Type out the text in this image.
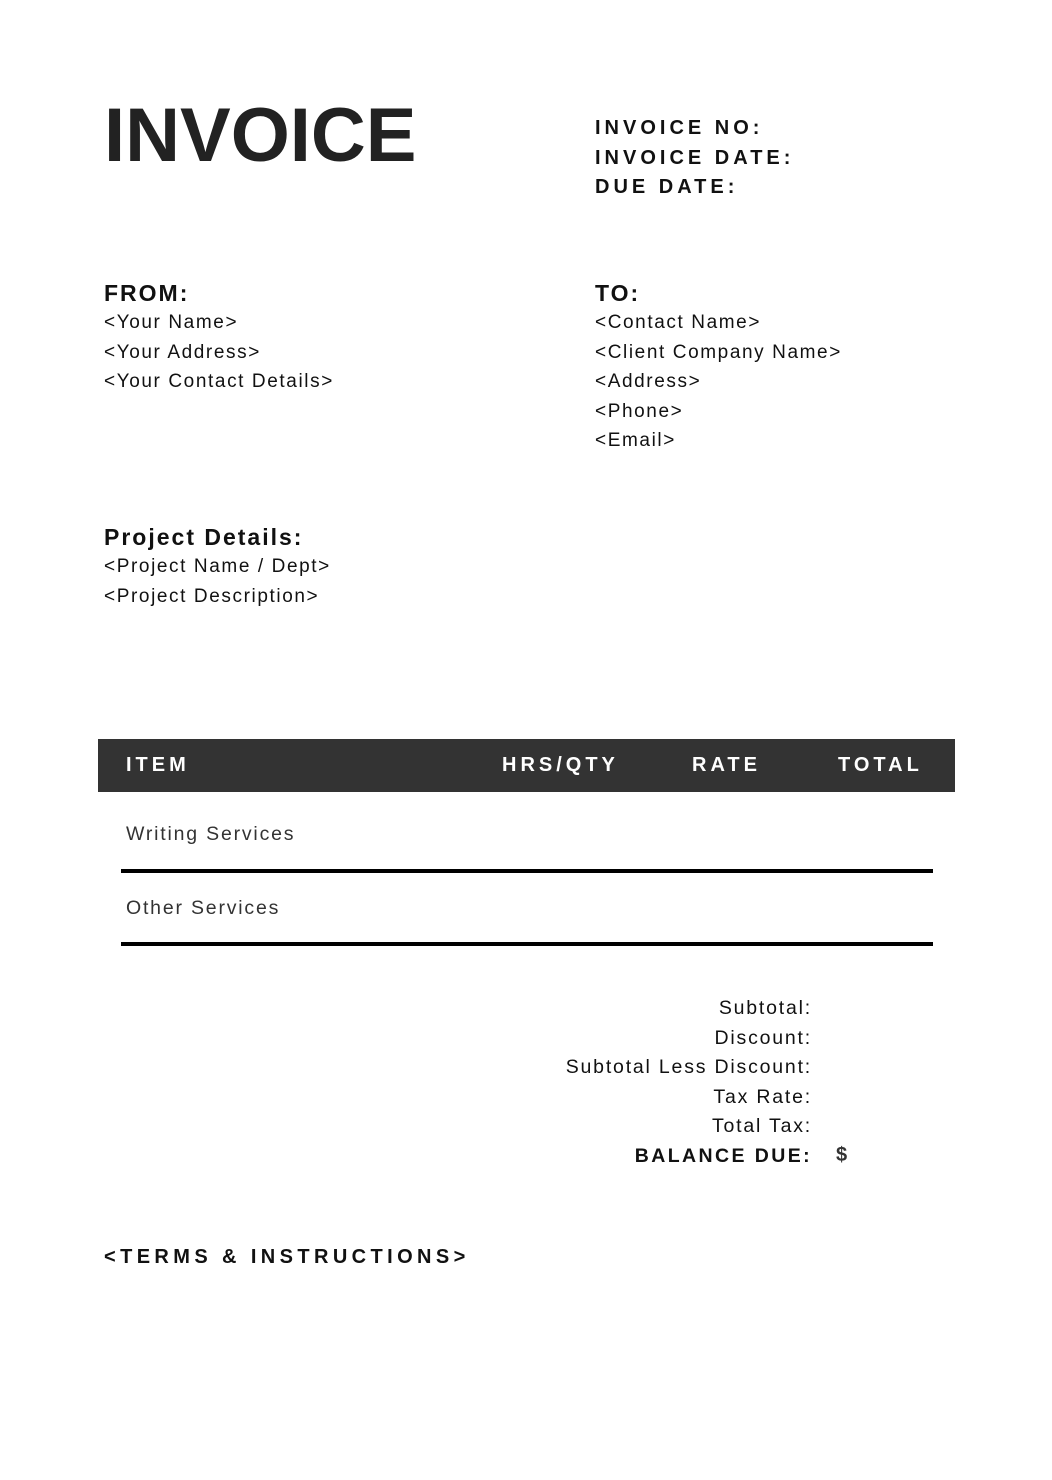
INVOICE	INVOICE NO:
INVOICE DATE:
DUE DATE:
FROM:
<Your Name>
<Your Address>
<Your Contact Details>
TO:
<Contact Name>
<Client Company Name>
<Address>
<Phone>
<Email>
Project Details:
<Project Name / Dept>
<Project Description>
ITEM	HRS/QTY	RATE	TOTAL
Writing Services
Other Services
Subtotal:
Discount:
Subtotal Less Discount:
Tax Rate:
Total Tax:
BALANCE DUE: $
<TERMS & INSTRUCTIONS>
